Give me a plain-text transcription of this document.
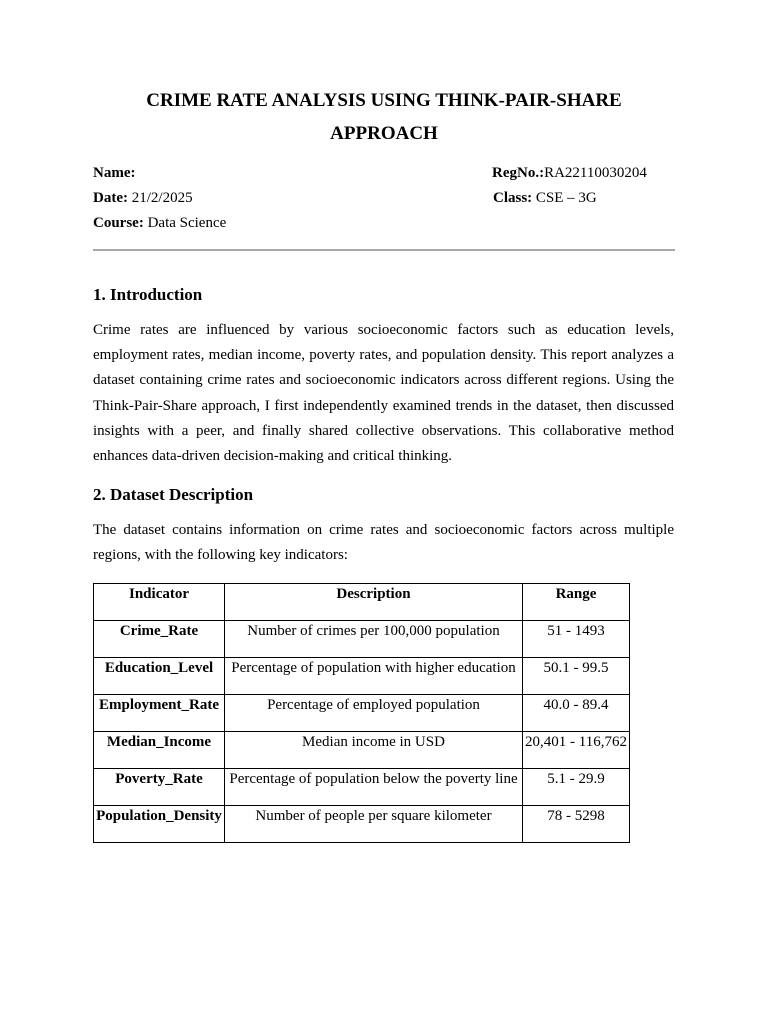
CRIME RATE ANALYSIS USING THINK-PAIR-SHARE
APPROACH
Name:	RegNo.:RA22110030204
Date: 21/2/2025	Class: CSE – 3G
Course: Data Science
1. Introduction

Crime rates are influenced by various socioeconomic factors such as education levels, employment rates, median income, poverty rates, and population density. This report analyzes a dataset containing crime rates and socioeconomic indicators across different regions. Using the Think-Pair-Share approach, I first independently examined trends in the dataset, then discussed insights with a peer, and finally shared collective observations. This collaborative method enhances data-driven decision-making and critical thinking.

2. Dataset Description

The dataset contains information on crime rates and socioeconomic factors across multiple regions, with the following key indicators:

Indicator	Description	Range
Crime_Rate	Number of crimes per 100,000 population	51 - 1493
Education_Level	Percentage of population with higher education	50.1 - 99.5
Employment_Rate	Percentage of employed population	40.0 - 89.4
Median_Income	Median income in USD	20,401 - 116,762
Poverty_Rate	Percentage of population below the poverty line	5.1 - 29.9
Population_Density	Number of people per square kilometer	78 - 5298
